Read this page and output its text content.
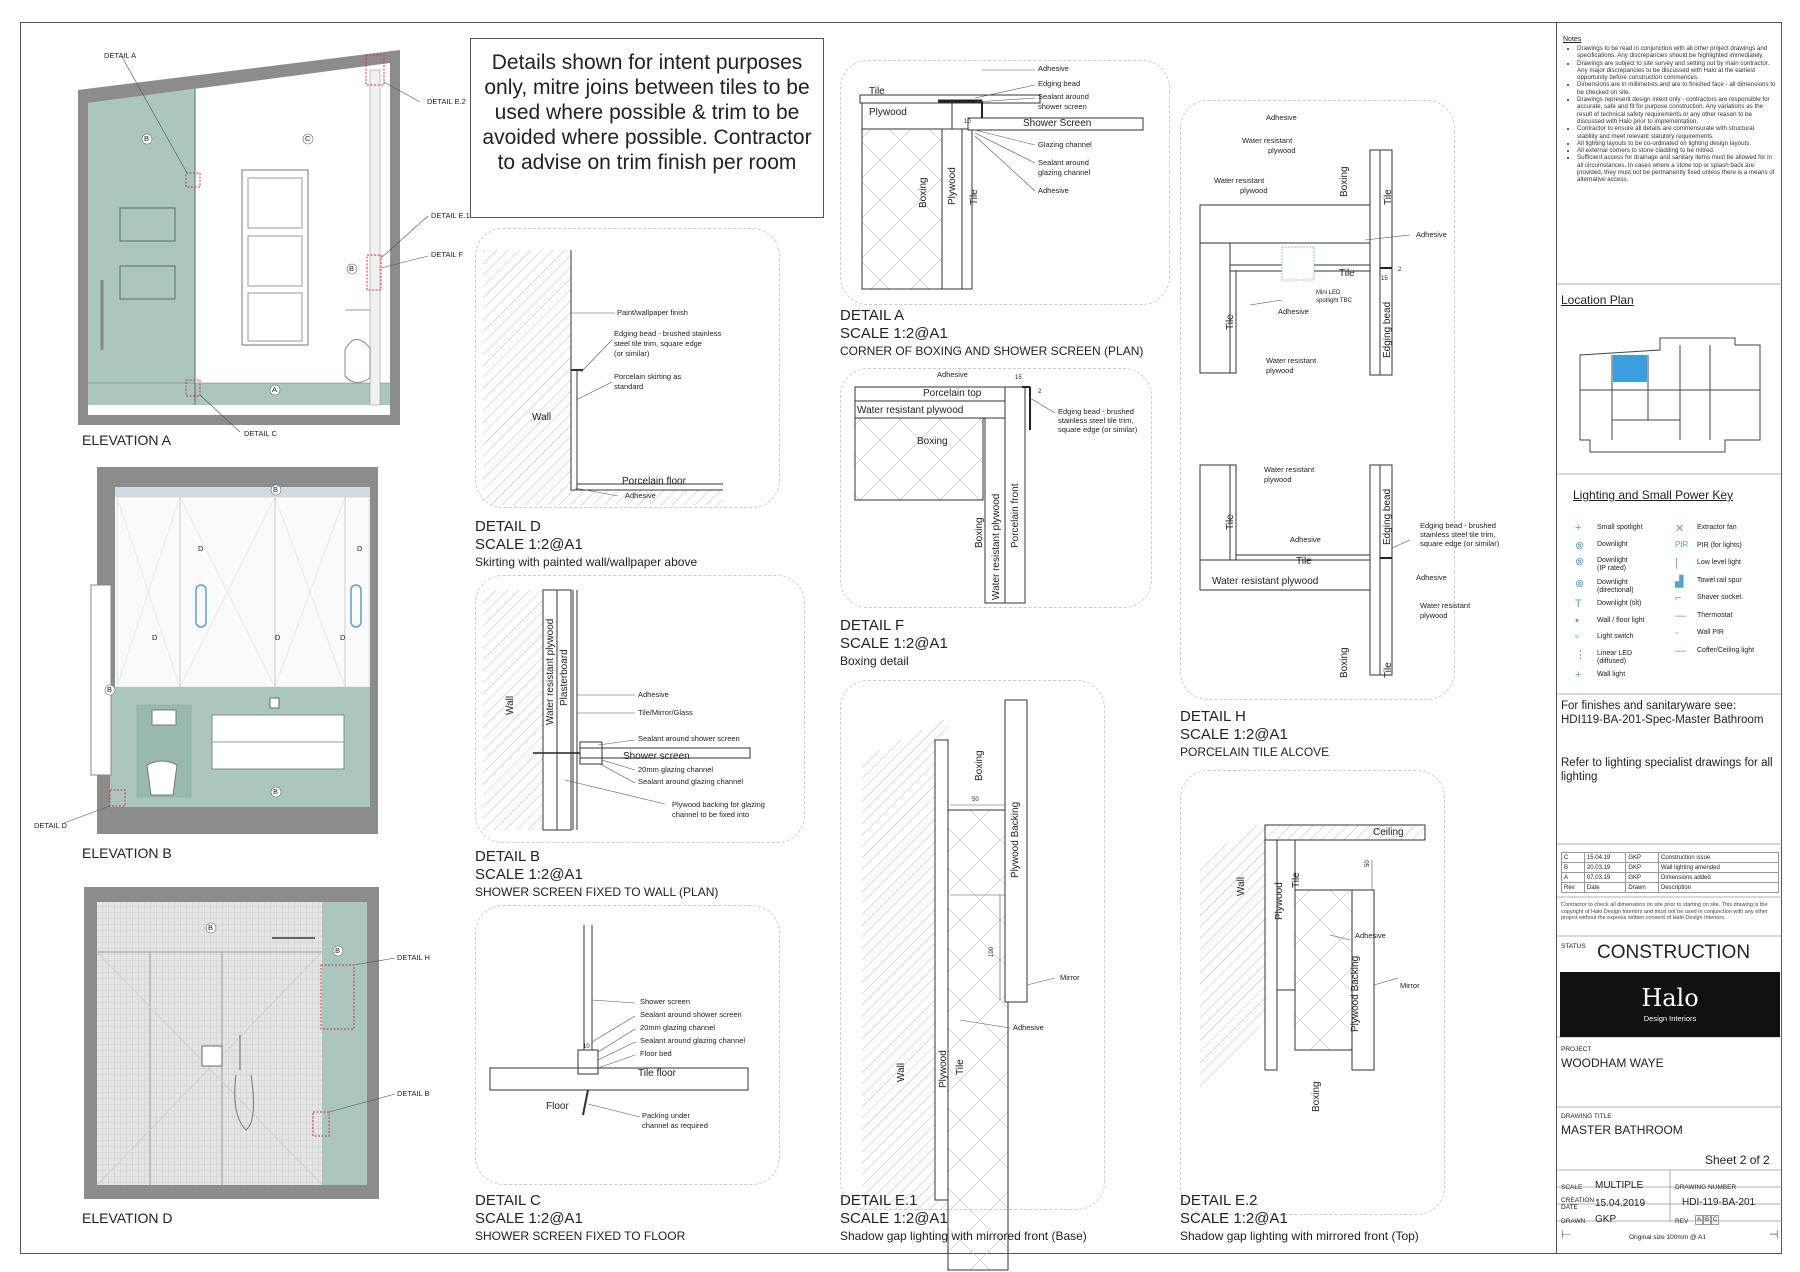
Details shown for intent purposes only, mitre joins between tiles to be used where possible & trim to be avoided where possible. Contractor to advise on trim finish per room
DETAIL A
DETAIL E.2
DETAIL E.1
DETAIL F
DETAIL C
B	C
B
A
ELEVATION A
B
D	D
D	D	D
B
B
DETAIL D
ELEVATION B
B
B
DETAIL H
DETAIL B
ELEVATION D
Paint/wallpaper finish
Edging bead - brushed stainless
steel tile trim, square edge
(or similar)
Porcelain skirting as
standard
Wall
Porcelain floor
Adhesive
DETAIL D
SCALE 1:2@A1
Skirting with painted wall/wallpaper above
Wall	Water resistant plywood Plasterboard	Adhesive
Tile/Mirror/Glass
Sealant around shower screen
Shower screen
20mm glazing channel
Sealant around glazing channel
Plywood backing for glazing
channel to be fixed into
DETAIL B
SCALE 1:2@A1
SHOWER SCREEN FIXED TO WALL (PLAN)
Shower screen
Sealant around shower screen
20mm glazing channel
Sealant around glazing channel
Floor bed
10
Tile floor
Floor
Packing under
channel as required
DETAIL C
SCALE 1:2@A1
SHOWER SCREEN FIXED TO FLOOR
Adhesive
Tile
Edging bead
Sealant around
shower screen
Plywood
Shower Screen
10
Glazing channel
Sealant around
glazing channel
Adhesive
Boxing Plywood Tile
DETAIL A
SCALE 1:2@A1
CORNER OF BOXING AND SHOWER SCREEN (PLAN)
Adhesive
Porcelain top
15
2
Water resistant plywood
Boxing
Edging bead - brushed
stainless steel tile trim,
square edge (or similar)
Boxing Water resistant plywood Porcelain front
DETAIL F
SCALE 1:2@A1
Boxing detail
Boxing
Plywood Backing
50
100
Mirror
Adhesive
Wall	Plywood Tile
DETAIL E.1
SCALE 1:2@A1
Shadow gap lighting with mirrored front (Base)
Adhesive
Water resistant
plywood
Water resistant
plywood	Boxing
Tile
Adhesive
Mini LED
spotlight TBC
Tile	15
2
Adhesive
Tile
Water resistant
plywood
Edging bead
Water resistant
plywood
Tile
Adhesive
Tile
Water resistant plywood
Edging bead	Edging bead - brushed
stainless steel tile trim,
square edge (or similar)
Adhesive
Water resistant
plywood
Boxing	Tile
DETAIL H
SCALE 1:2@A1
PORCELAIN TILE ALCOVE
Ceiling
50
Wall	Plywood
Tile
Adhesive
Mirror
Plywood Backing
Boxing
DETAIL E.2
SCALE 1:2@A1
Shadow gap lighting with mirrored front (Top)
Notes
• Drawings to be read in conjunction with all other project drawings and specifications. Any discrepancies should be highlighted immediately.
• Drawings are subject to site survey and setting out by main contractor. Any major discrepancies to be discussed with Halo at the earliest opportunity before construction commences.
• Dimensions are in millimetres and are to finished face - all dimensions to be checked on site.
• Drawings represent design intent only - contractors are responsible for accurate, safe and fit for purpose construction. Any variations as the result of technical safety requirements or any other reason to be discussed with Halo prior to implementation.
• Contractor to ensure all details are commensurate with structural stability and meet relevant statutory requirements.
• All lighting layouts to be co-ordinated on lighting design layouts.
• All external corners to stone cladding to be mitred.
• Sufficient access for drainage and sanitary items must be allowed for in all circumstances. In cases where a stone top or splash back are provided, they must not be permanently fixed unless there is a means of alternative access.
Location Plan
Lighting and Small Power Key
+ Small spotlight
⊗ Downlight
⊗ Downlight
(IP rated)
⊗ Downlight
(directional)
T Downlight (tilt)
•	Wall / floor light
▫	Light switch
⋮ Linear LED
(diffused)
+ Wall light
✕ Extractor fan
PIR PIR (for lights)
|	Low level light
▟ Towel rail spur
⌐ Shaver socket
— Thermostat
-	Wall PIR
— Coffer/Ceiling light
For finishes and sanitaryware see:
HDI119-BA-201-Spec-Master Bathroom
Refer to lighting specialist drawings for all lighting
C	15.04.19	GKP	Construction issue
B	20.03.19	GKP	Wall lighting amended
A	07.03.19	GKP	Dimensions added
Rev	Date	Drawn	Description
Contractor to check all dimensions on site prior to starting on site. This drawing is the copyright of Halo Design Interiors and must not be used in conjunction with any other project without the express written consent of Halo Design Interiors.
STATUS CONSTRUCTION
Halo
Design Interiors
PROJECT
WOODHAM WAYE
DRAWING TITLE
MASTER BATHROOM
Sheet 2 of 2
SCALE MULTIPLE	DRAWING NUMBER
CREATION DATE	15.04.2019	HDI-119-BA-201
DRAWN GKP	REV	A B C
⊢	Original size 100mm @ A1	⊣
